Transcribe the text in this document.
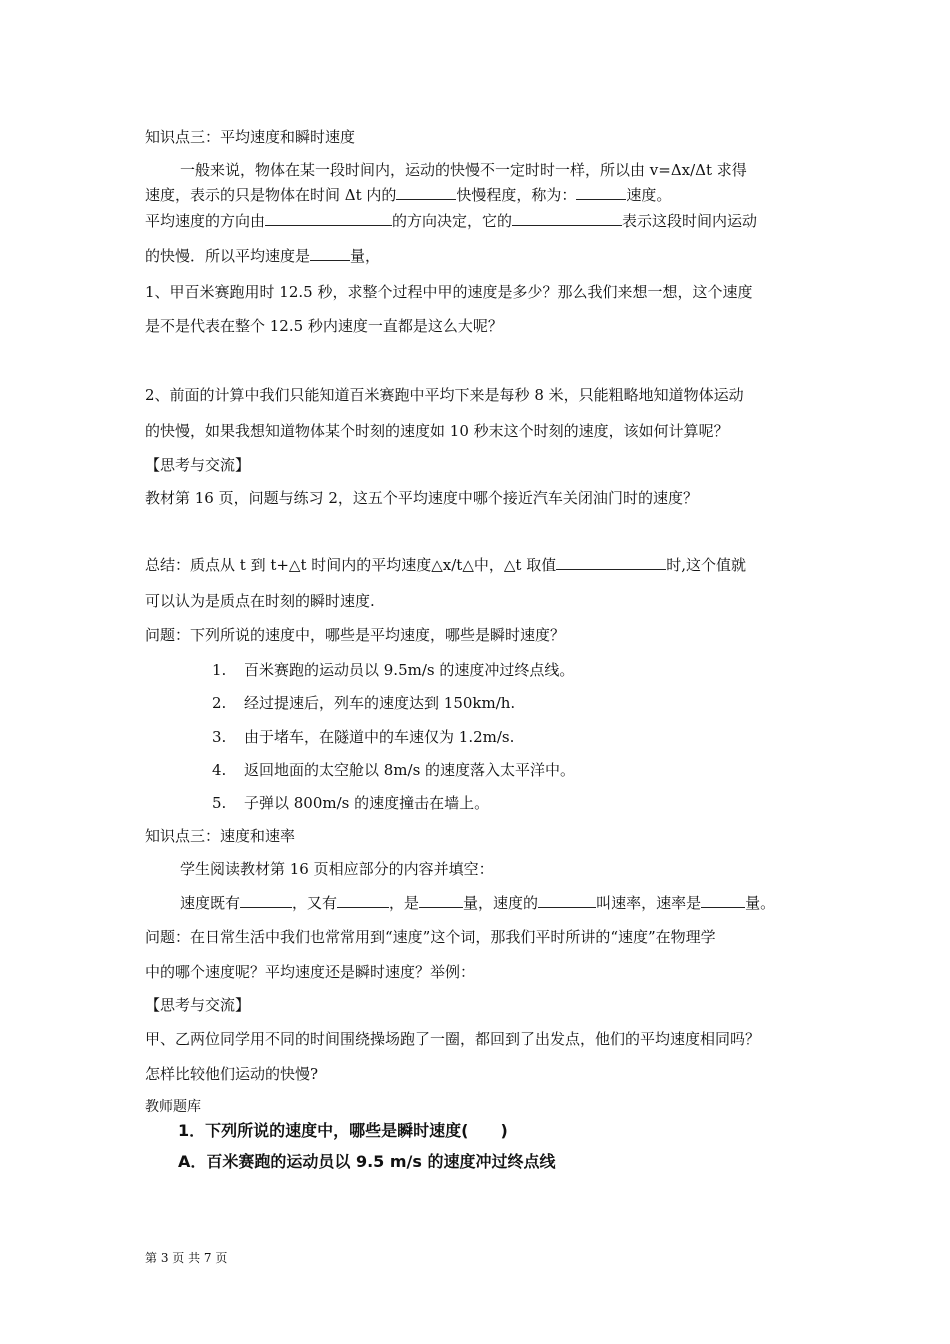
知识点三：平均速度和瞬时速度
一般来说，物体在某一段时间内，运动的快慢不一定时时一样，所以由 v=Δx/Δt 求得
速度，表示的只是物体在时间 Δt 内的	快慢程度，称为：	速度。
平均速度的方向由	的方向决定，它的	表示这段时间内运动
的快慢．所以平均速度是	量，
1、甲百米赛跑用时 12.5 秒，求整个过程中甲的速度是多少？那么我们来想一想，这个速度
是不是代表在整个 12.5 秒内速度一直都是这么大呢？
2、前面的计算中我们只能知道百米赛跑中平均下来是每秒 8 米，只能粗略地知道物体运动
的快慢，如果我想知道物体某个时刻的速度如 10 秒末这个时刻的速度，该如何计算呢？
【思考与交流】
教材第 16 页，问题与练习 2，这五个平均速度中哪个接近汽车关闭油门时的速度？
总结：质点从 t 到 t+△t 时间内的平均速度△x/t△中，△t 取值	时,这个值就
可以认为是质点在时刻的瞬时速度.
问题：下列所说的速度中，哪些是平均速度，哪些是瞬时速度？
1. 百米赛跑的运动员以 9.5m/s 的速度冲过终点线。
2. 经过提速后，列车的速度达到 150km/h.
3. 由于堵车，在隧道中的车速仅为 1.2m/s.
4. 返回地面的太空舱以 8m/s 的速度落入太平洋中。
5. 子弹以 800m/s 的速度撞击在墙上。
知识点三：速度和速率
学生阅读教材第 16 页相应部分的内容并填空：
速度既有	，又有	，是	量，速度的	叫速率，速率是	量。
问题：在日常生活中我们也常常用到“速度”这个词，那我们平时所讲的“速度”在物理学
中的哪个速度呢？平均速度还是瞬时速度？举例：
【思考与交流】
甲、乙两位同学用不同的时间围绕操场跑了一圈，都回到了出发点，他们的平均速度相同吗？
怎样比较他们运动的快慢?
教师题库
1．下列所说的速度中，哪些是瞬时速度(　　)
A．百米赛跑的运动员以 9.5 m/s 的速度冲过终点线
第 3 页 共 7 页
